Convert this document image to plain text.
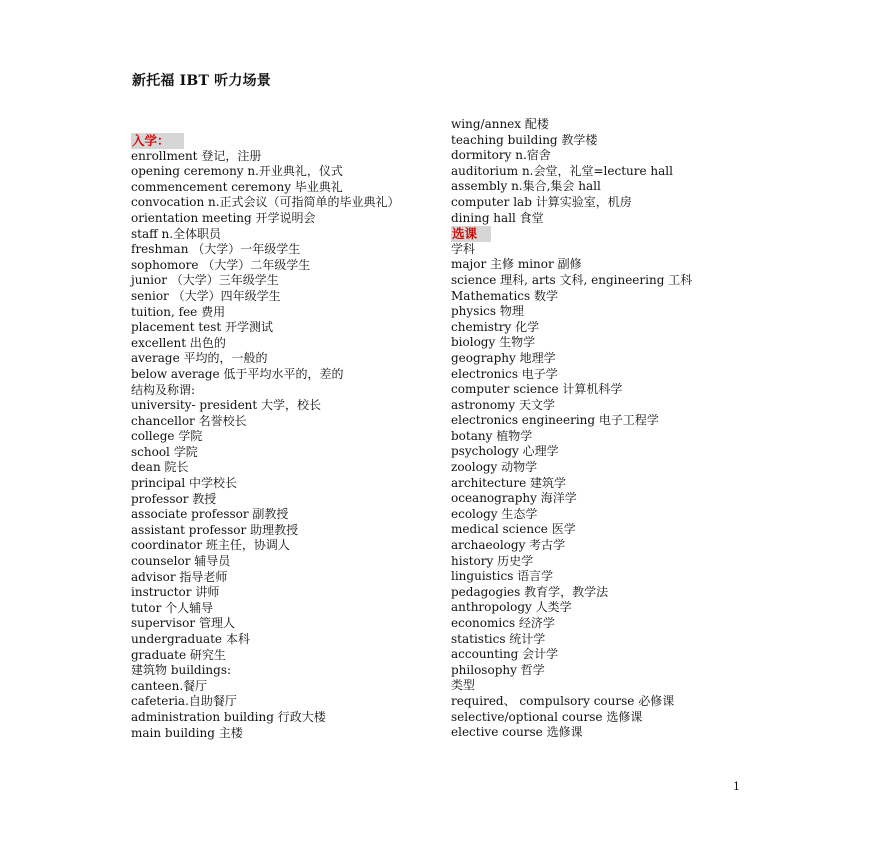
新托福 IBT 听力场景
入学：
enrollment 登记，注册
opening ceremony n.开业典礼，仪式
commencement ceremony 毕业典礼
convocation n.正式会议（可指简单的毕业典礼）
orientation meeting 开学说明会
staff n.全体职员
freshman （大学）一年级学生
sophomore （大学）二年级学生
junior （大学）三年级学生
senior （大学）四年级学生
tuition, fee 费用
placement test 开学测试
excellent 出色的
average 平均的，一般的
below average 低于平均水平的，差的
结构及称谓:
university- president 大学，校长
chancellor 名誉校长
college 学院
school 学院
dean 院长
principal 中学校长
professor 教授
associate professor 副教授
assistant professor 助理教授
coordinator 班主任，协调人
counselor 辅导员
advisor 指导老师
instructor 讲师
tutor 个人辅导
supervisor 管理人
undergraduate 本科
graduate 研究生
建筑物 buildings:
canteen.餐厅
cafeteria.自助餐厅
administration building 行政大楼
main building 主楼
wing/annex 配楼
teaching building 教学楼
dormitory n.宿舍
auditorium n.会堂，礼堂=lecture hall
assembly n.集合,集会 hall
computer lab 计算实验室，机房
dining hall 食堂
选课
学科
major 主修 minor 副修
science 理科, arts 文科, engineering 工科
Mathematics 数学
physics 物理
chemistry 化学
biology 生物学
geography 地理学
electronics 电子学
computer science 计算机科学
astronomy 天文学
electronics engineering 电子工程学
botany 植物学
psychology 心理学
zoology 动物学
architecture 建筑学
oceanography 海洋学
ecology 生态学
medical science 医学
archaeology 考古学
history 历史学
linguistics 语言学
pedagogies 教育学，教学法
anthropology 人类学
economics 经济学
statistics 统计学
accounting 会计学
philosophy 哲学
类型
required、 compulsory course 必修课
selective/optional course 选修课
elective course 选修课
1
